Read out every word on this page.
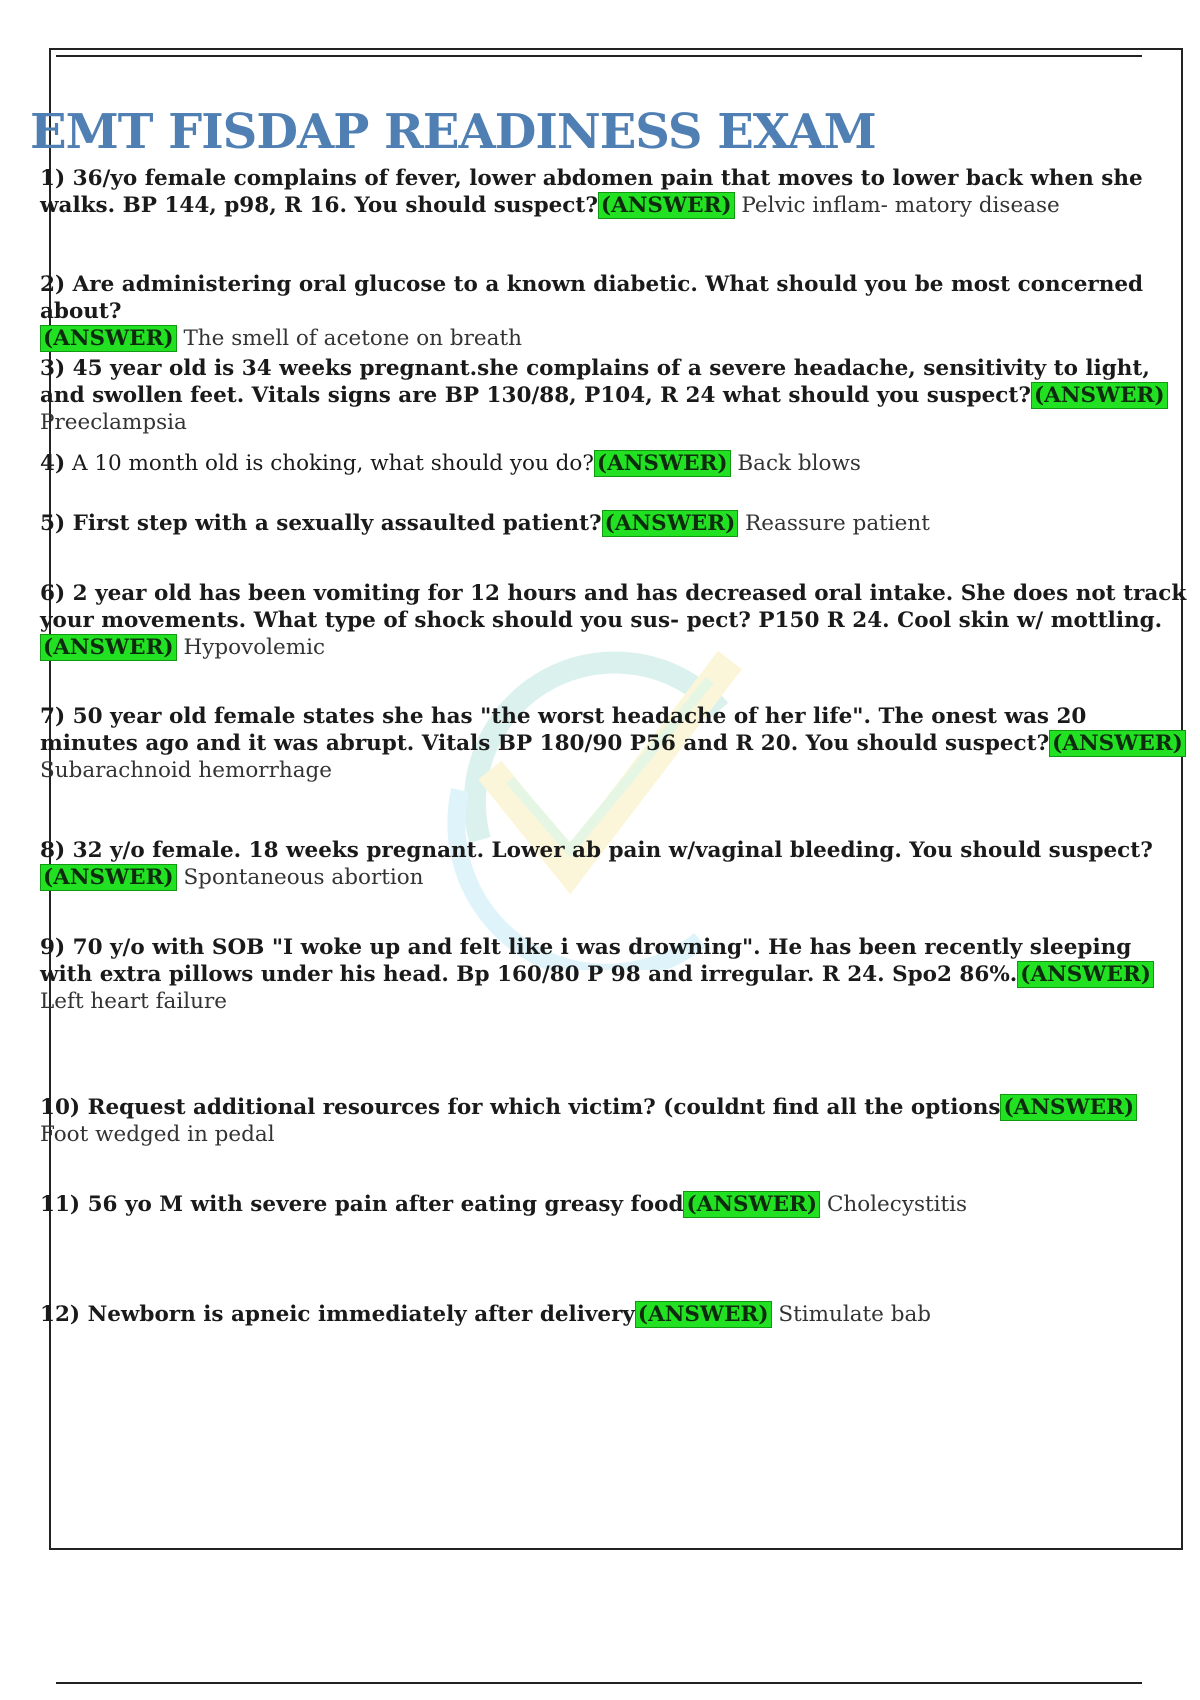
EMT FISDAP READINESS EXAM

1) 36/yo female complains of fever, lower abdomen pain that moves to lower back when she walks. BP 144, p98, R 16. You should suspect? (ANSWER) Pelvic inflam- matory disease

2) Are administering oral glucose to a known diabetic. What should you be most concerned about?
(ANSWER) The smell of acetone on breath

3) 45 year old is 34 weeks pregnant.she complains of a severe headache, sensitivity to light, and swollen feet. Vitals signs are BP 130/88, P104, R 24 what should you suspect? (ANSWER) Preeclampsia

4) A 10 month old is choking, what should you do? (ANSWER) Back blows

5) First step with a sexually assaulted patient? (ANSWER) Reassure patient

6) 2 year old has been vomiting for 12 hours and has decreased oral intake. She does not track your movements. What type of shock should you sus- pect? P150 R 24. Cool skin w/ mottling.(ANSWER) Hypovolemic

7) 50 year old female states she has "the worst headache of her life". The onest was 20 minutes ago and it was abrupt. Vitals BP 180/90 P56 and R 20. You should suspect? (ANSWER) Subarachnoid hemorrhage

8) 32 y/o female. 18 weeks pregnant. Lower ab pain w/vaginal bleeding. You should suspect?
(ANSWER) Spontaneous abortion

9) 70 y/o with SOB "I woke up and felt like i was drowning". He has been recently sleeping with extra pillows under his head. Bp 160/80 P 98 and irregular. R 24. Spo2 86%. (ANSWER) Left heart failure

10) Request additional resources for which victim? (couldnt find all the options (ANSWER) Foot wedged in pedal

11) 56 yo M with severe pain after eating greasy food (ANSWER) Cholecystitis

12) Newborn is apneic immediately after delivery (ANSWER) Stimulate bab
